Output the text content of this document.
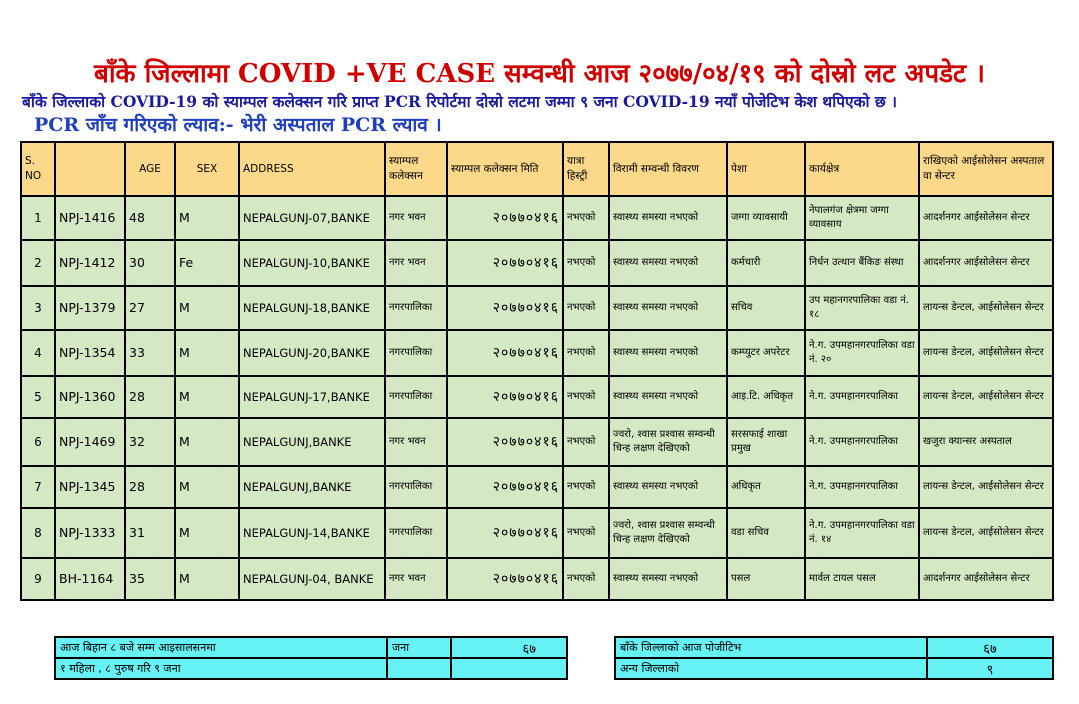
बाँके जिल्लामा COVID +VE CASE सम्वन्धी आज २०७७/०४/१९ को दोस्रो लट अपडेट ।
बाँके जिल्लाको COVID-19 को स्याम्पल कलेक्सन गरि प्राप्त PCR रिपोर्टमा दोस्रो लटमा जम्मा ९ जना COVID-19 नयाँ पोजेटिभ केश थपिएको छ ।
PCR जाँच गरिएको ल्याव:- भेरी अस्पताल PCR ल्याव ।
S. NO		AGE	SEX	ADDRESS	स्याम्पल कलेक्सन	स्याम्पल कलेक्सन मिति	यात्रा हिस्ट्री	विरामी सम्वन्धी विवरण	पेशा	कार्यक्षेत्र	राखिएको आईसोलेसन अस्पताल वा सेन्टर
1	NPJ-1416	48	M	NEPALGUNJ-07,BANKE	नगर भवन	२०७७०४१६	नभएको	स्वास्थ्य समस्या नभएको	जग्गा व्यावसायी	नेपालगंज क्षेत्रमा जग्गा व्यावसाय	आदर्शनगर आईसोलेसन सेन्टर
2	NPJ-1412	30	Fe	NEPALGUNJ-10,BANKE	नगर भवन	२०७७०४१६	नभएको	स्वास्थ्य समस्या नभएको	कर्मचारी	निर्धन उत्थान बैंकिङ संस्था	आदर्शनगर आईसोलेसन सेन्टर
3	NPJ-1379	27	M	NEPALGUNJ-18,BANKE	नगरपालिका	२०७७०४१६	नभएको	स्वास्थ्य समस्या नभएको	सचिव	उप महानगरपालिका वडा नं. १८	लायन्स डेन्टल, आईसोलेसन सेन्टर
4	NPJ-1354	33	M	NEPALGUNJ-20,BANKE	नगरपालिका	२०७७०४१६	नभएको	स्वास्थ्य समस्या नभएको	कम्प्युटर अपरेटर	ने.ग. उपमहानगरपालिका वडा नं. २०	लायन्स डेन्टल, आईसोलेसन सेन्टर
5	NPJ-1360	28	M	NEPALGUNJ-17,BANKE	नगरपालिका	२०७७०४१६	नभएको	स्वास्थ्य समस्या नभएको	आइ.टि. अधिकृत	ने.ग. उपमहानगरपालिका	लायन्स डेन्टल, आईसोलेसन सेन्टर
6	NPJ-1469	32	M	NEPALGUNJ,BANKE	नगर भवन	२०७७०४१६	नभएको	ज्वरो, श्वास प्रश्वास सम्वन्धी चिन्ह लक्षण देखिएको	सरसफाई शाखा प्रमुख	ने.ग. उपमहानगरपालिका	खजुरा क्यान्सर अस्पताल
7	NPJ-1345	28	M	NEPALGUNJ,BANKE	नगरपालिका	२०७७०४१६	नभएको	स्वास्थ्य समस्या नभएको	अधिकृत	ने.ग. उपमहानगरपालिका	लायन्स डेन्टल, आईसोलेसन सेन्टर
8	NPJ-1333	31	M	NEPALGUNJ-14,BANKE	नगरपालिका	२०७७०४१६	नभएको	ज्वरो, श्वास प्रश्वास सम्वन्धी चिन्ह लक्षण देखिएको	वडा सचिव	ने.ग. उपमहानगरपालिका वडा नं. १४	लायन्स डेन्टल, आईसोलेसन सेन्टर
9	BH-1164	35	M	NEPALGUNJ-04, BANKE	नगर भवन	२०७७०४१६	नभएको	स्वास्थ्य समस्या नभएको	पसल	मार्वल टायल पसल	आदर्शनगर आईसोलेसन सेन्टर
आज बिहान ८ बजे सम्म आइसालसनमा	जना	६७
१ महिला , ८ पुरुष गरि ९ जना		
बाँके जिल्लाको आज पोजीटिभ	६७
अन्य जिल्लाको	९
